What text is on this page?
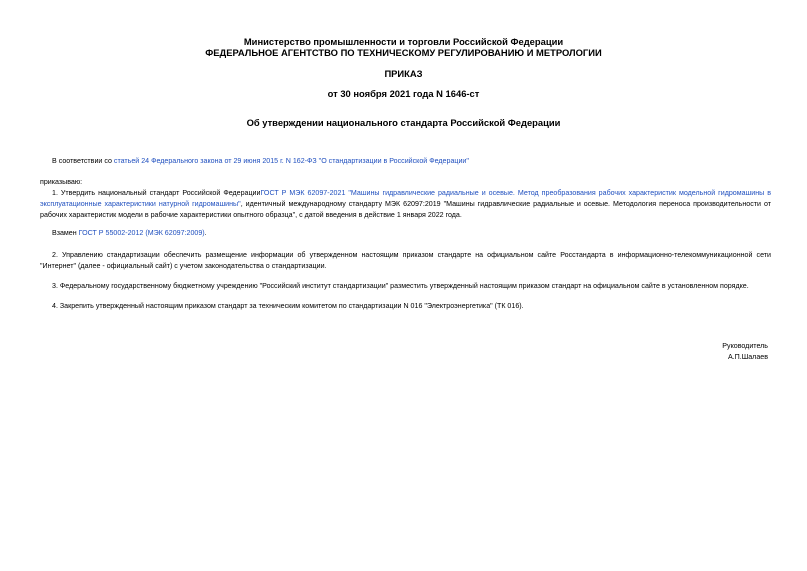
Министерство промышленности и торговли Российской Федерации
ФЕДЕРАЛЬНОЕ АГЕНТСТВО ПО ТЕХНИЧЕСКОМУ РЕГУЛИРОВАНИЮ И МЕТРОЛОГИИ
ПРИКАЗ
от 30 ноября 2021 года N 1646-ст
Об утверждении национального стандарта Российской Федерации
В соответствии со статьей 24 Федерального закона от 29 июня 2015 г. N 162-ФЗ "О стандартизации в Российской Федерации"
приказываю:
1. Утвердить национальный стандарт Российской ФедерацииГОСТ Р МЭК 62097-2021 "Машины гидравлические радиальные и осевые. Метод преобразования рабочих характеристик модельной гидромашины в эксплуатационные характеристики натурной гидромашины", идентичный международному стандарту МЭК 62097:2019 "Машины гидравлические радиальные и осевые. Методология переноса производительности от рабочих характеристик модели в рабочие характеристики опытного образца", с датой введения в действие 1 января 2022 года.
Взамен ГОСТ Р 55002-2012 (МЭК 62097:2009).
2. Управлению стандартизации обеспечить размещение информации об утвержденном настоящим приказом стандарте на официальном сайте Росстандарта в информационно-телекоммуникационной сети "Интернет" (далее - официальный сайт) с учетом законодательства о стандартизации.
3. Федеральному государственному бюджетному учреждению "Российский институт стандартизации" разместить утвержденный настоящим приказом стандарт на официальном сайте в установленном порядке.
4. Закрепить утвержденный настоящим приказом стандарт за техническим комитетом по стандартизации N 016 "Электроэнергетика" (ТК 016).
Руководитель
А.П.Шалаев
